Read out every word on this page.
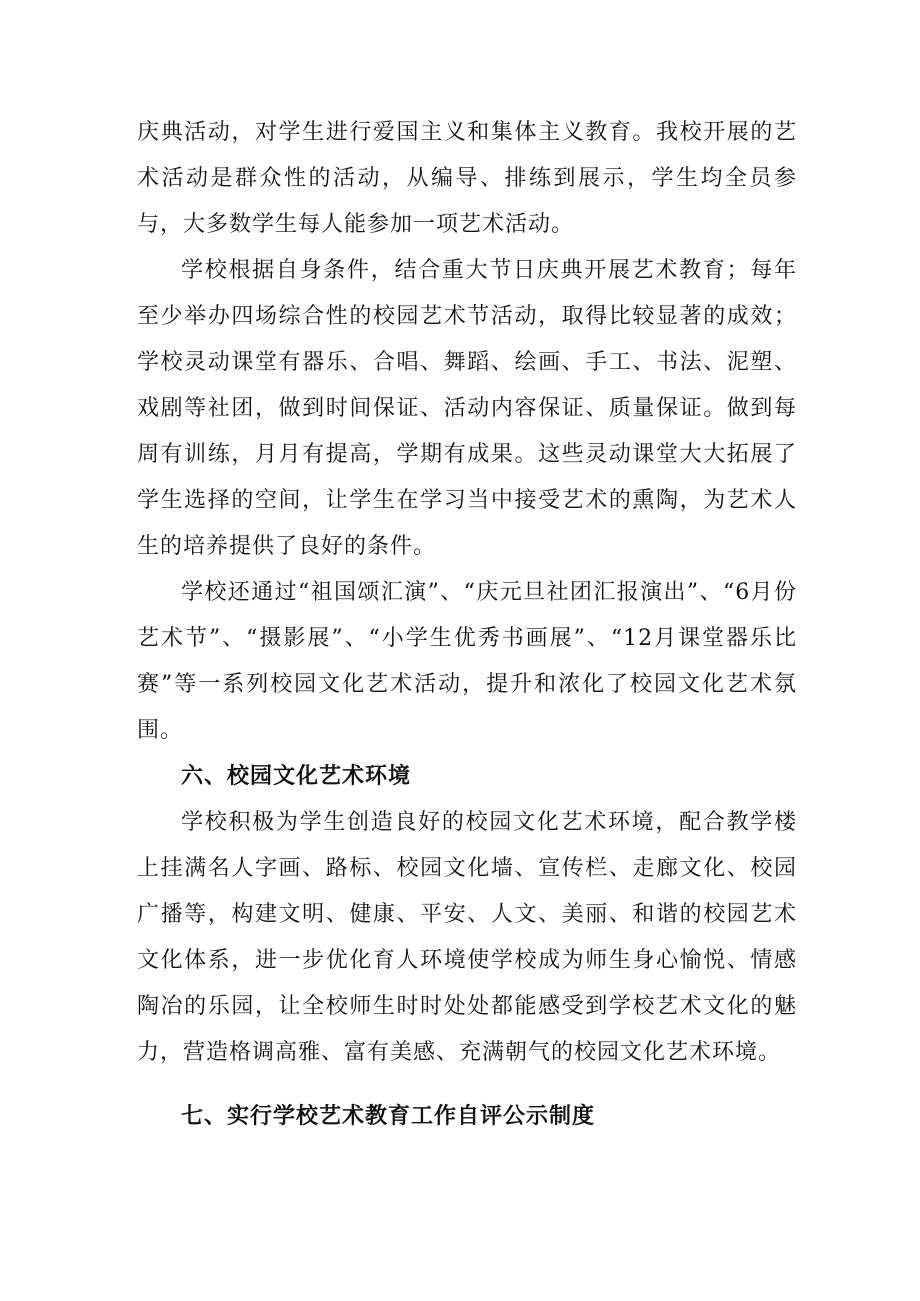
庆典活动，对学生进行爱国主义和集体主义教育。我校开展的艺术活动是群众性的活动，从编导、排练到展示，学生均全员参与，大多数学生每人能参加一项艺术活动。

学校根据自身条件，结合重大节日庆典开展艺术教育；每年至少举办四场综合性的校园艺术节活动，取得比较显著的成效；学校灵动课堂有器乐、合唱、舞蹈、绘画、手工、书法、泥塑、戏剧等社团，做到时间保证、活动内容保证、质量保证。做到每周有训练，月月有提高，学期有成果。这些灵动课堂大大拓展了学生选择的空间，让学生在学习当中接受艺术的熏陶，为艺术人生的培养提供了良好的条件。

学校还通过“祖国颂汇演”、“庆元旦社团汇报演出”、“6月份艺术节”、“摄影展”、“小学生优秀书画展”、“12月课堂器乐比赛”等一系列校园文化艺术活动，提升和浓化了校园文化艺术氛围。

六、校园文化艺术环境

学校积极为学生创造良好的校园文化艺术环境，配合教学楼上挂满名人字画、路标、校园文化墙、宣传栏、走廊文化、校园广播等，构建文明、健康、平安、人文、美丽、和谐的校园艺术文化体系，进一步优化育人环境使学校成为师生身心愉悦、情感陶冶的乐园，让全校师生时时处处都能感受到学校艺术文化的魅力，营造格调高雅、富有美感、充满朝气的校园文化艺术环境。

七、实行学校艺术教育工作自评公示制度
